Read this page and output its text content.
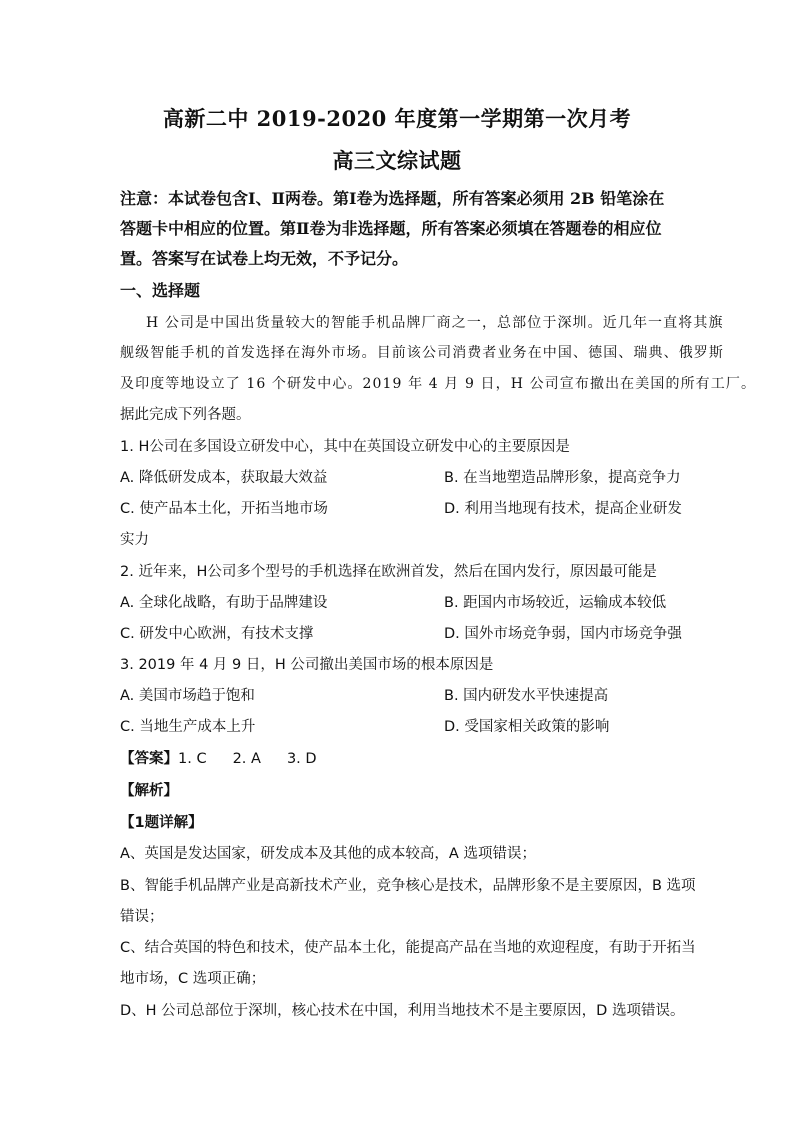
高新二中 2019-2020 年度第一学期第一次月考
高三文综试题
注意：本试卷包含Ⅰ、Ⅱ两卷。第Ⅰ卷为选择题，所有答案必须用 2B 铅笔涂在
答题卡中相应的位置。第Ⅱ卷为非选择题，所有答案必须填在答题卷的相应位
置。答案写在试卷上均无效，不予记分。
一、选择题
H 公司是中国出货量较大的智能手机品牌厂商之一，总部位于深圳。近几年一直将其旗
舰级智能手机的首发选择在海外市场。目前该公司消费者业务在中国、德国、瑞典、俄罗斯
及印度等地设立了 16 个研发中心。2019 年 4 月 9 日，H 公司宣布撤出在美国的所有工厂。
据此完成下列各题。
1. H公司在多国设立研发中心，其中在英国设立研发中心的主要原因是
A. 降低研发成本，获取最大效益	B. 在当地塑造品牌形象，提高竞争力
C. 使产品本土化，开拓当地市场	D. 利用当地现有技术，提高企业研发
实力
2. 近年来，H公司多个型号的手机选择在欧洲首发，然后在国内发行，原因最可能是
A. 全球化战略，有助于品牌建设	B. 距国内市场较近，运输成本较低
C. 研发中心欧洲，有技术支撑	D. 国外市场竞争弱，国内市场竞争强
3. 2019 年 4 月 9 日，H 公司撤出美国市场的根本原因是
A. 美国市场趋于饱和	B. 国内研发水平快速提高
C. 当地生产成本上升	D. 受国家相关政策的影响
【答案】1. C 2. A 3. D
【解析】
【1题详解】
A、英国是发达国家，研发成本及其他的成本较高，A 选项错误；
B、智能手机品牌产业是高新技术产业，竞争核心是技术，品牌形象不是主要原因，B 选项
错误；
C、结合英国的特色和技术，使产品本土化，能提高产品在当地的欢迎程度，有助于开拓当
地市场，C 选项正确；
D、H 公司总部位于深圳，核心技术在中国，利用当地技术不是主要原因，D 选项错误。
